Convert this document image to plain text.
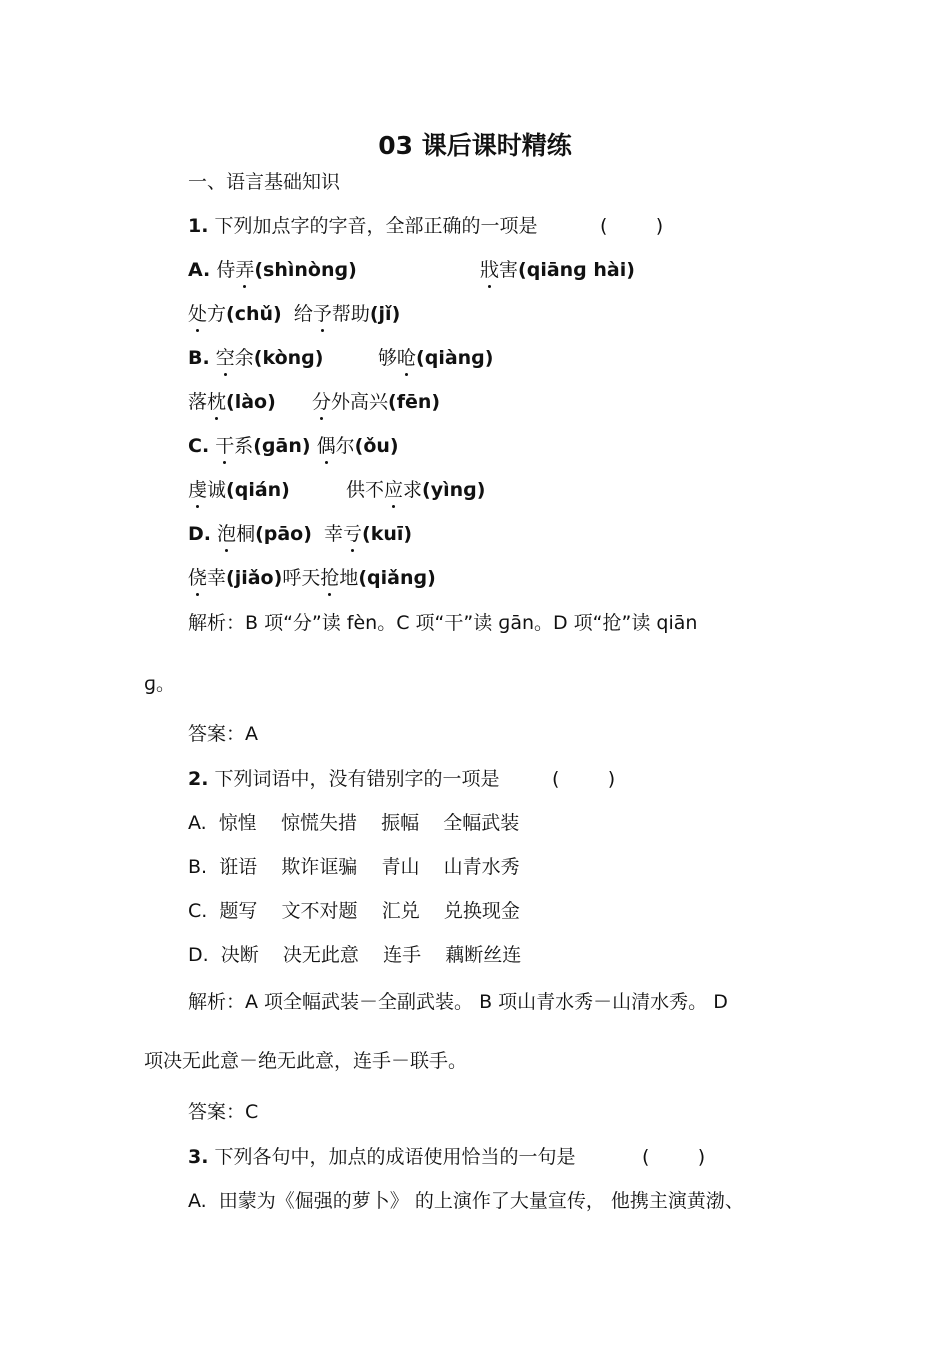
03 课后课时精练
一、语言基础知识
1. 下列加点字的字音，全部正确的一项是	(        )
A. 侍弄(shìnònɡ)	戕害(qiānɡ hài)
处方(chǔ) 给予帮助(jǐ)
B. 空余(kònɡ)	够呛(qiànɡ)
落枕(lào) 分外高兴(fēn)
C. 干系(ɡān) 偶尔(ǒu)
虔诚(qián)	供不应求(yìnɡ)
D. 泡桐(pāo) 幸亏(kuī)
侥幸(jiǎo)呼天抢地(qiǎnɡ)
解析：B 项“分”读 fèn。C 项“干”读 ɡān。D 项“抢”读 qiān
ɡ。
答案：A
2. 下列词语中，没有错别字的一项是	(        )
A.  惊惶    惊慌失措    振幅    全幅武装
B.  诳语    欺诈诓骗    青山    山青水秀
C.  题写    文不对题    汇兑    兑换现金
D.  决断    决无此意    连手    藕断丝连
解析：A 项全幅武装－全副武装。 B 项山青水秀－山清水秀。 D
项决无此意－绝无此意，连手－联手。
答案：C
3. 下列各句中，加点的成语使用恰当的一句是	(        )
A.  田蒙为《倔强的萝卜》 的上演作了大量宣传， 他携主演黄渤、
